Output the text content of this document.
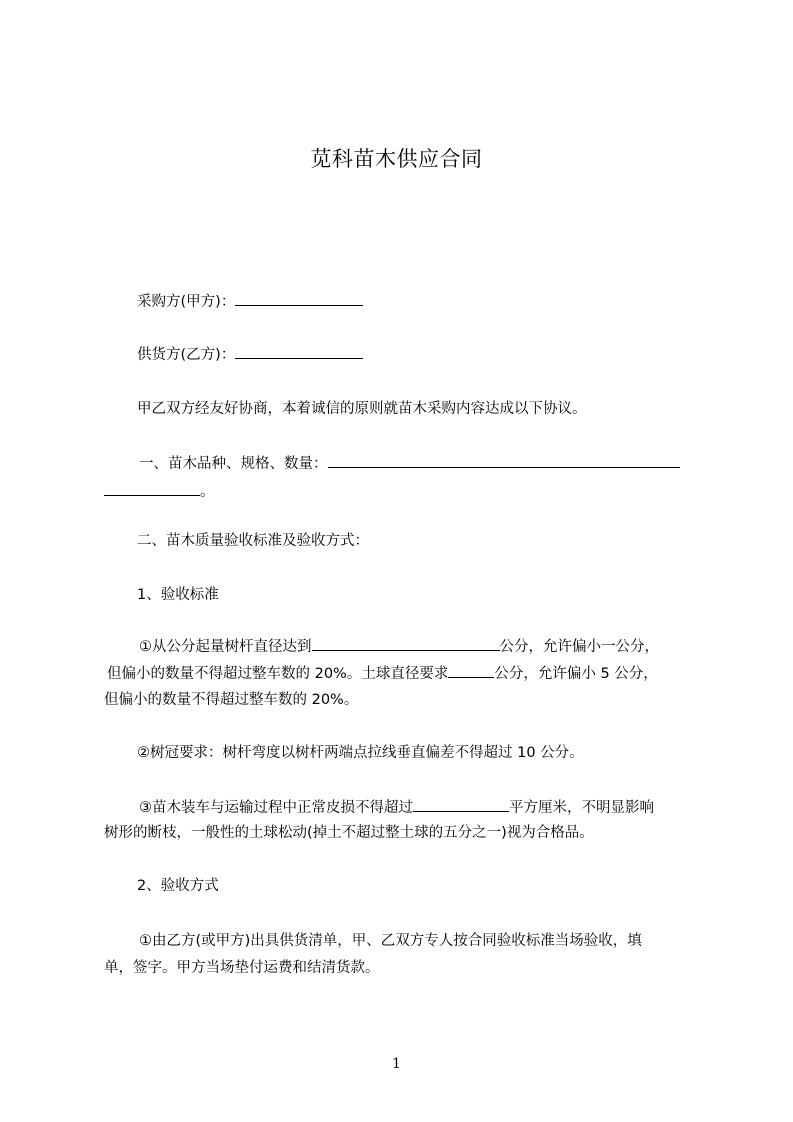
苋科苗木供应合同
采购方(甲方)：
供货方(乙方)：
甲乙双方经友好协商，本着诚信的原则就苗木采购内容达成以下协议。
一、苗木品种、规格、数量：
。
二、苗木质量验收标准及验收方式：
1、验收标准
①从公分起量树杆直径达到	公分，允许偏小一公分，
但偏小的数量不得超过整车数的 20%。土球直径要求	公分，允许偏小 5 公分，
但偏小的数量不得超过整车数的 20%。
②树冠要求：树杆弯度以树杆两端点拉线垂直偏差不得超过 10 公分。
③苗木装车与运输过程中正常皮损不得超过	平方厘米，不明显影响
树形的断枝，一般性的土球松动(掉土不超过整土球的五分之一)视为合格品。
2、验收方式
①由乙方(或甲方)出具供货清单，甲、乙双方专人按合同验收标准当场验收，填
单，签字。甲方当场垫付运费和结清货款。
1
